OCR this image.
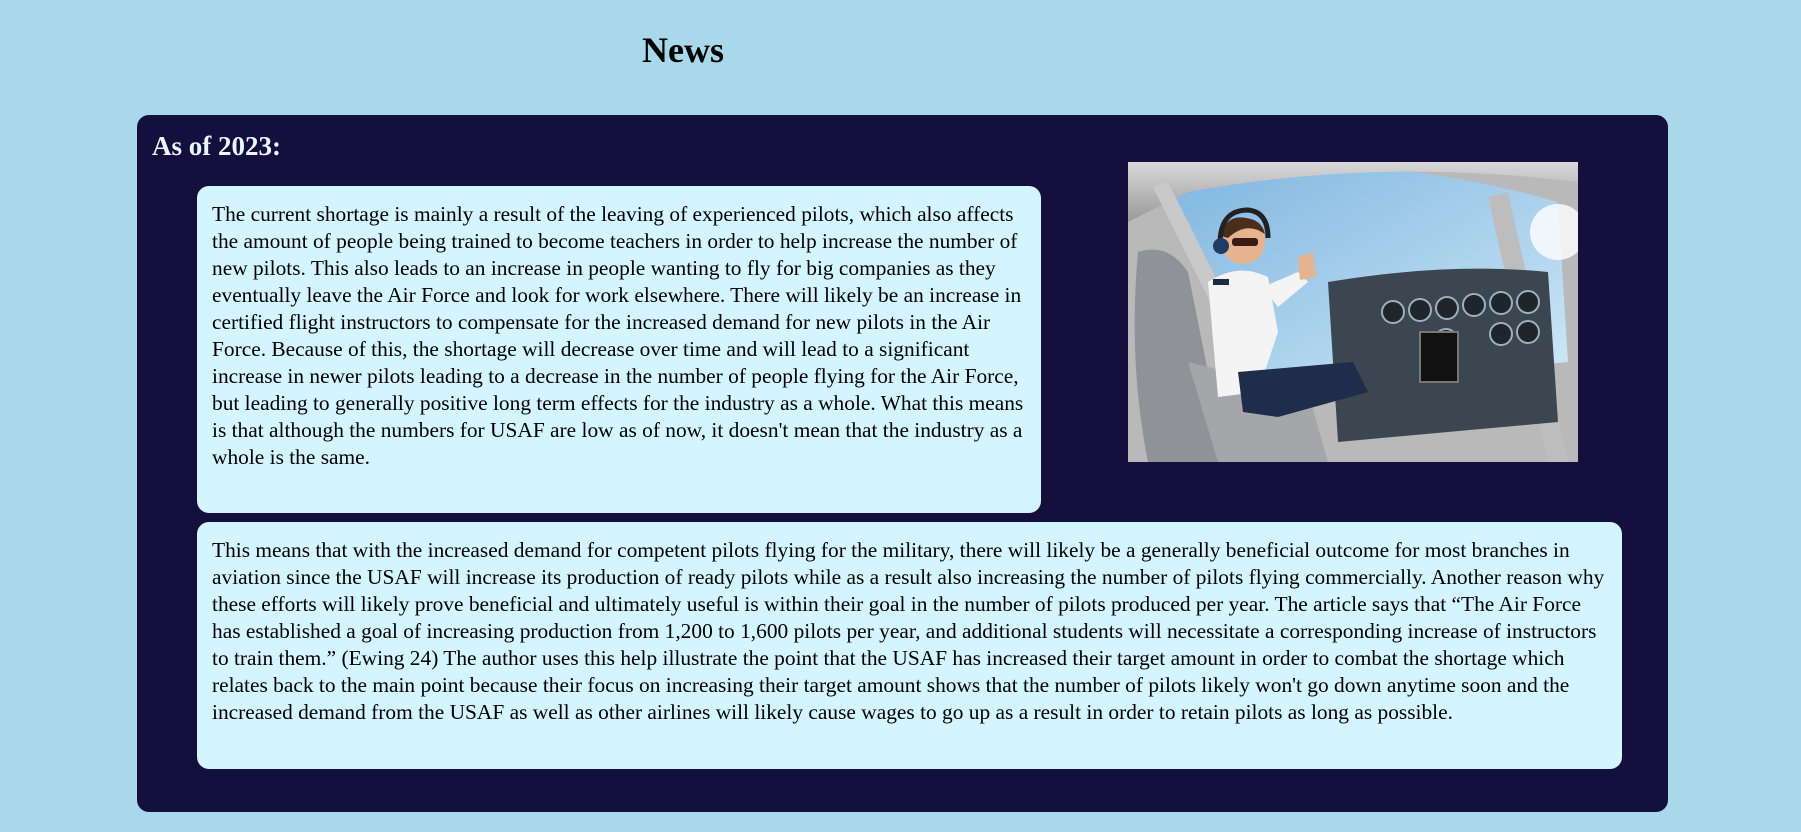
News
As of 2023:

The current shortage is mainly a result of the leaving of experienced pilots, which also affects the amount of people being trained to become teachers in order to help increase the number of new pilots. This also leads to an increase in people wanting to fly for big companies as they eventually leave the Air Force and look for work elsewhere. There will likely be an increase in certified flight instructors to compensate for the increased demand for new pilots in the Air Force. Because of this, the shortage will decrease over time and will lead to a significant increase in newer pilots leading to a decrease in the number of people flying for the Air Force, but leading to generally positive long term effects for the industry as a whole. What this means is that although the numbers for USAF are low as of now, it doesn't mean that the industry as a whole is the same.

This means that with the increased demand for competent pilots flying for the military, there will likely be a generally beneficial outcome for most branches in aviation since the USAF will increase its production of ready pilots while as a result also increasing the number of pilots flying commercially. Another reason why these efforts will likely prove beneficial and ultimately useful is within their goal in the number of pilots produced per year. The article says that “The Air Force has established a goal of increasing production from 1,200 to 1,600 pilots per year, and additional students will necessitate a corresponding increase of instructors to train them.” (Ewing 24) The author uses this help illustrate the point that the USAF has increased their target amount in order to combat the shortage which relates back to the main point because their focus on increasing their target amount shows that the number of pilots likely won't go down anytime soon and the increased demand from the USAF as well as other airlines will likely cause wages to go up as a result in order to retain pilots as long as possible.
